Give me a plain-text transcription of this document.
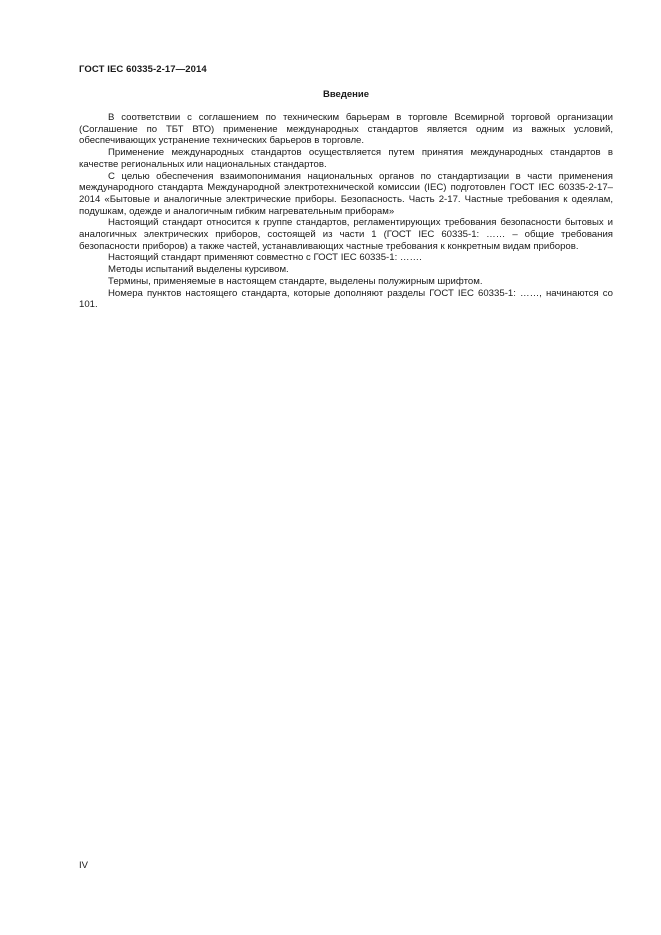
ГОСТ IEC 60335-2-17—2014
Введение

В соответствии с соглашением по техническим барьерам в торговле Всемирной торговой организации (Соглашение по ТБТ ВТО) применение международных стандартов является одним из важных условий, обеспечивающих устранение технических барьеров в торговле.

Применение международных стандартов осуществляется путем принятия международных стандартов в качестве региональных или национальных стандартов.

С целью обеспечения взаимопонимания национальных органов по стандартизации в части применения международного стандарта Международной электротехнической комиссии (IEC) подготовлен ГОСТ IEC 60335-2-17–2014 «Бытовые и аналогичные электрические приборы. Безопасность. Часть 2-17. Частные требования к одеялам, подушкам, одежде и аналогичным гибким нагревательным приборам»

Настоящий стандарт относится к группе стандартов, регламентирующих требования безопасности бытовых и аналогичных электрических приборов, состоящей из части 1 (ГОСТ IEC 60335-1: …… – общие требования безопасности приборов) а также частей, устанавливающих частные требования к конкретным видам приборов.

Настоящий стандарт применяют совместно с ГОСТ IEC 60335-1: …….

Методы испытаний выделены курсивом.

Термины, применяемые в настоящем стандарте, выделены полужирным шрифтом.

Номера пунктов настоящего стандарта, которые дополняют разделы ГОСТ IEC 60335-1: ……, начинаются со 101.

IV
